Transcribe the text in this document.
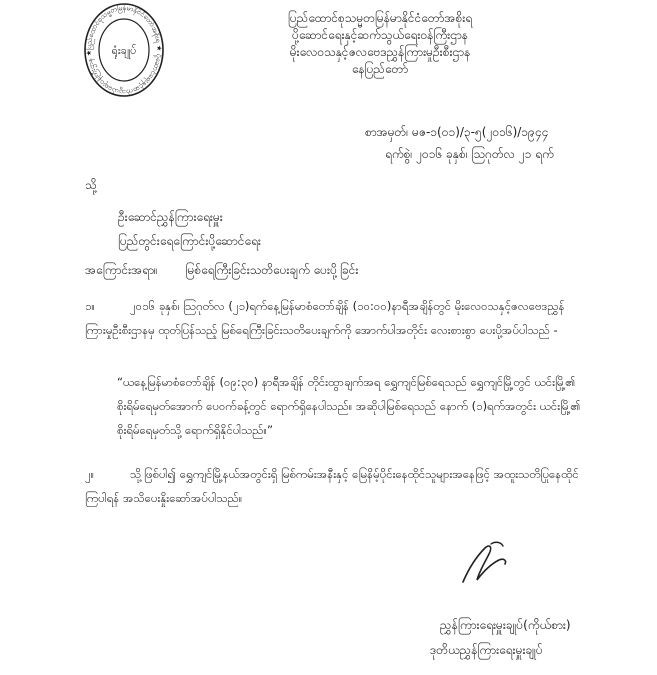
ပြည်ထောင်စုသမ္မတမြန်မာနိုင်ငံတော်အစိုးရ ★ ပို့ဆောင်ရေးနှင့်ဆက်သွယ်ရေးဝန်ကြီးဌာန ★	ရုံးချုပ်
ပြည်ထောင်စုသမ္မတမြန်မာနိုင်ငံတော်အစိုးရ
ပို့ဆောင်ရေးနှင့်ဆက်သွယ်ရေးဝန်ကြီးဌာန
မိုးလေဝသနှင့်ဇလဗေဒညွှန်ကြားမှုဦးစီးဌာန
နေပြည်တော်
စာအမှတ်၊ မဇ-၁(၀၁)/၃-၅(၂၀၁၆)/၁၉၄၄
ရက်စွဲ၊ ၂၀၁၆ ခုနှစ်၊ ဩဂုတ်လ ၂၁ ရက်
သို့
ဦးဆောင်ညွှန်ကြားရေးမှူး
ပြည်တွင်းရေကြောင်းပို့ဆောင်ရေး
အကြောင်းအရာ။ မြစ်ရေကြီးခြင်းသတိပေးချက် ပေးပို့ခြင်း
၁။	၂၀၁၆ ခုနှစ်၊ ဩဂုတ်လ (၂၁)ရက်နေ့မြန်မာစံတော်ချိန် (၁၀:၀၀)နာရီအချိန်တွင် မိုးလေဝသနှင့်ဇလဗေဒညွှန်ကြားမှုဦးစီးဌာနမှ ထုတ်ပြန်သည့် မြစ်ရေကြီးခြင်းသတိပေးချက်ကို အောက်ပါအတိုင်း လေးစားစွာ ပေးပို့အပ်ပါသည် -
“ယနေ့မြန်မာစံတော်ချိန် (၀၉:၃၀) နာရီအချိန် တိုင်းထွာချက်အရ ရွှေကျင်မြစ်ရေသည် ရွှေကျင်မြို့တွင် ယင်းမြို့၏ စိုးရိမ်ရေမှတ်အောက် ပေ၀က်ခန့်တွင် ရောက်ရှိနေပါသည်။ အဆိုပါမြစ်ရေသည် နောက် (၁)ရက်အတွင်း ယင်းမြို့၏ စိုးရိမ်ရေမှတ်သို့ ရောက်ရှိနိုင်ပါသည်။”
၂။	သို့ဖြစ်ပါ၍ ရွှေကျင်မြို့နယ်အတွင်းရှိ မြစ်ကမ်းအနီးနှင့် မြေနိမ့်ပိုင်းနေထိုင်သူများအနေဖြင့် အထူးသတိပြုနေထိုင်ကြပါရန် အသိပေးနှိုးဆော်အပ်ပါသည်။
ညွှန်ကြားရေးမှူးချုပ်(ကိုယ်စား)
ဒုတိယညွှန်ကြားရေးမှူးချုပ်
